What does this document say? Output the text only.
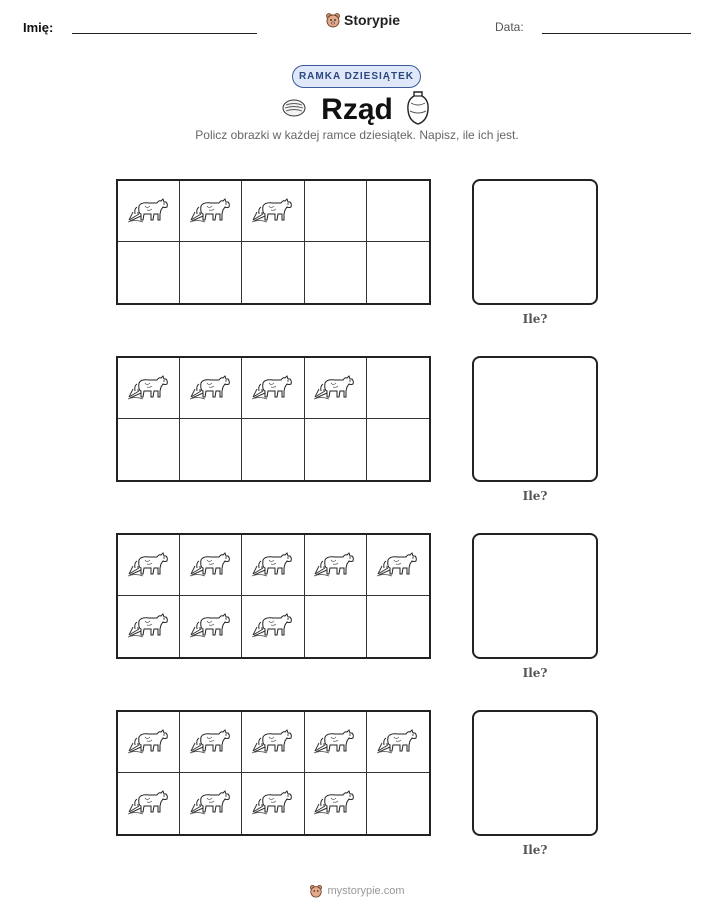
Imię:	Storypie	Data:
RAMKA DZIESIĄTEK
Rząd
Policz obrazki w każdej ramce dziesiątek. Napisz, ile ich jest.
Ile?
Ile?
Ile?
Ile?
mystorypie.com
